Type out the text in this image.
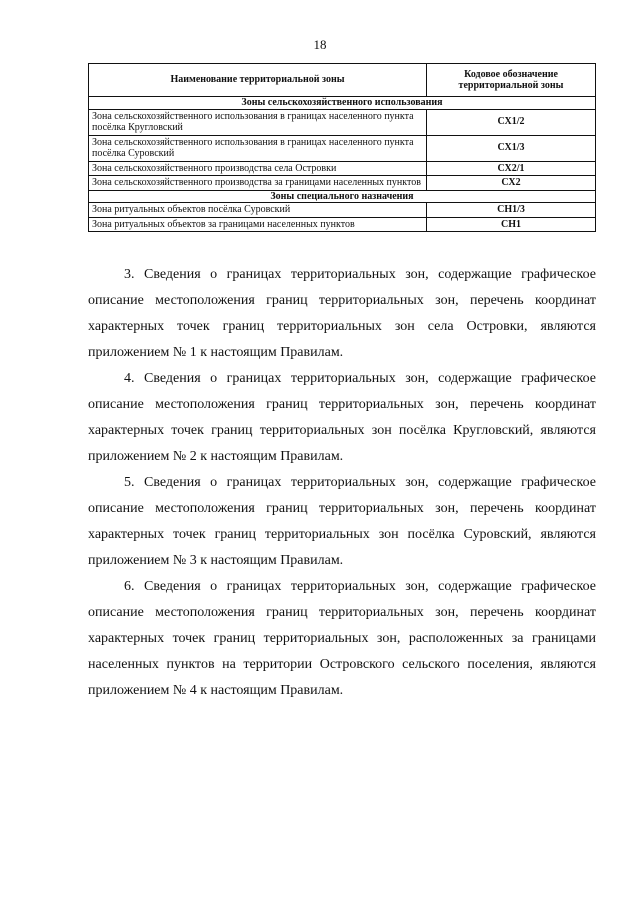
18
Наименование территориальной зоны	Кодовое обозначение территориальной зоны
Зоны сельскохозяйственного использования	
Зона сельскохозяйственного использования в границах населенного пункта посёлка Кругловский	СХ1/2
Зона сельскохозяйственного использования в границах населенного пункта посёлка Суровский	СХ1/3
Зона сельскохозяйственного производства села Островки	СХ2/1
Зона сельскохозяйственного производства за границами населенных пунктов	СХ2
Зоны специального назначения	
Зона ритуальных объектов посёлка Суровский	СН1/3
Зона ритуальных объектов за границами населенных пунктов	СН1

3. Сведения о границах территориальных зон, содержащие графическое описание местоположения границ территориальных зон, перечень координат характерных точек границ территориальных зон села Островки, являются приложением № 1 к настоящим Правилам.

4. Сведения о границах территориальных зон, содержащие графическое описание местоположения границ территориальных зон, перечень координат характерных точек границ территориальных зон посёлка Кругловский, являются приложением № 2 к настоящим Правилам.

5. Сведения о границах территориальных зон, содержащие графическое описание местоположения границ территориальных зон, перечень координат характерных точек границ территориальных зон посёлка Суровский, являются приложением № 3 к настоящим Правилам.

6. Сведения о границах территориальных зон, содержащие графическое описание местоположения границ территориальных зон, перечень координат характерных точек границ территориальных зон, расположенных за границами населенных пунктов на территории Островского сельского поселения, являются приложением № 4 к настоящим Правилам.
